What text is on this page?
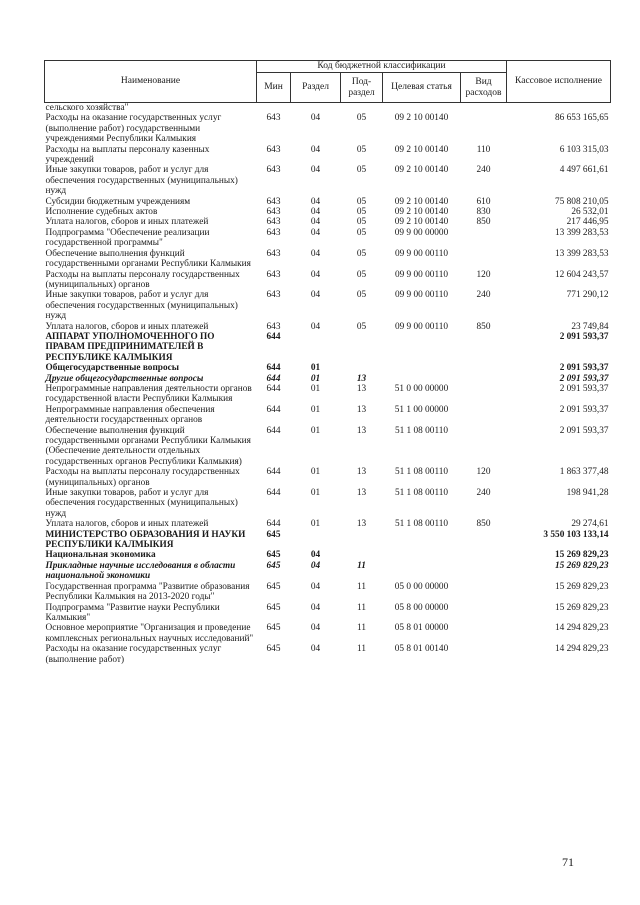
Наименование	Код бюджетной классификации					Кассовое исполнение
	Мин	Раздел	Под-раздел	Целевая статья	Вид расходов	
сельского хозяйства"						
Расходы на оказание государственных услуг (выполнение работ) государственными учреждениями Республики Калмыкия	643	04	05	09 2 10 00140		86 653 165,65
Расходы на выплаты персоналу казенных учреждений	643	04	05	09 2 10 00140	110	6 103 315,03
Иные закупки товаров, работ и услуг для обеспечения государственных (муниципальных) нужд	643	04	05	09 2 10 00140	240	4 497 661,61
Субсидии бюджетным учреждениям	643	04	05	09 2 10 00140	610	75 808 210,05
Исполнение судебных актов	643	04	05	09 2 10 00140	830	26 532,01
Уплата налогов, сборов и иных платежей	643	04	05	09 2 10 00140	850	217 446,95
Подпрограмма "Обеспечение реализации государственной программы"	643	04	05	09 9 00 00000		13 399 283,53
Обеспечение выполнения функций государственными органами Республики Калмыкия	643	04	05	09 9 00 00110		13 399 283,53
Расходы на выплаты персоналу государственных (муниципальных) органов	643	04	05	09 9 00 00110	120	12 604 243,57
Иные закупки товаров, работ и услуг для обеспечения государственных (муниципальных) нужд	643	04	05	09 9 00 00110	240	771 290,12
Уплата налогов, сборов и иных платежей	643	04	05	09 9 00 00110	850	23 749,84
АППАРАТ УПОЛНОМОЧЕННОГО ПО ПРАВАМ ПРЕДПРИНИМАТЕЛЕЙ В РЕСПУБЛИКЕ КАЛМЫКИЯ	644					2 091 593,37
Общегосударственные вопросы	644	01				2 091 593,37
Другие общегосударственные вопросы	644	01	13			2 091 593,37
Непрограммные направления деятельности органов государственной власти Республики Калмыкия	644	01	13	51 0 00 00000		2 091 593,37
Непрограммные направления обеспечения деятельности государственных органов	644	01	13	51 1 00 00000		2 091 593,37
Обеспечение выполнения функций государственными органами Республики Калмыкия (Обеспечение деятельности отдельных государственных органов Республики Калмыкия)	644	01	13	51 1 08 00110		2 091 593,37
Расходы на выплаты персоналу государственных (муниципальных) органов	644	01	13	51 1 08 00110	120	1 863 377,48
Иные закупки товаров, работ и услуг для обеспечения государственных (муниципальных) нужд	644	01	13	51 1 08 00110	240	198 941,28
Уплата налогов, сборов и иных платежей	644	01	13	51 1 08 00110	850	29 274,61
МИНИСТЕРСТВО ОБРАЗОВАНИЯ И НАУКИ РЕСПУБЛИКИ КАЛМЫКИЯ	645					3 550 103 133,14
Национальная экономика	645	04				15 269 829,23
Прикладные научные исследования в области национальной экономики	645	04	11			15 269 829,23
Государственная программа "Развитие образования Республики Калмыкия на 2013-2020 годы"	645	04	11	05 0 00 00000		15 269 829,23
Подпрограмма "Развитие науки Республики Калмыкия"	645	04	11	05 8 00 00000		15 269 829,23
Основное мероприятие "Организация и проведение комплексных региональных научных исследований"	645	04	11	05 8 01 00000		14 294 829,23
Расходы на оказание государственных услуг (выполнение работ)	645	04	11	05 8 01 00140		14 294 829,23
71
